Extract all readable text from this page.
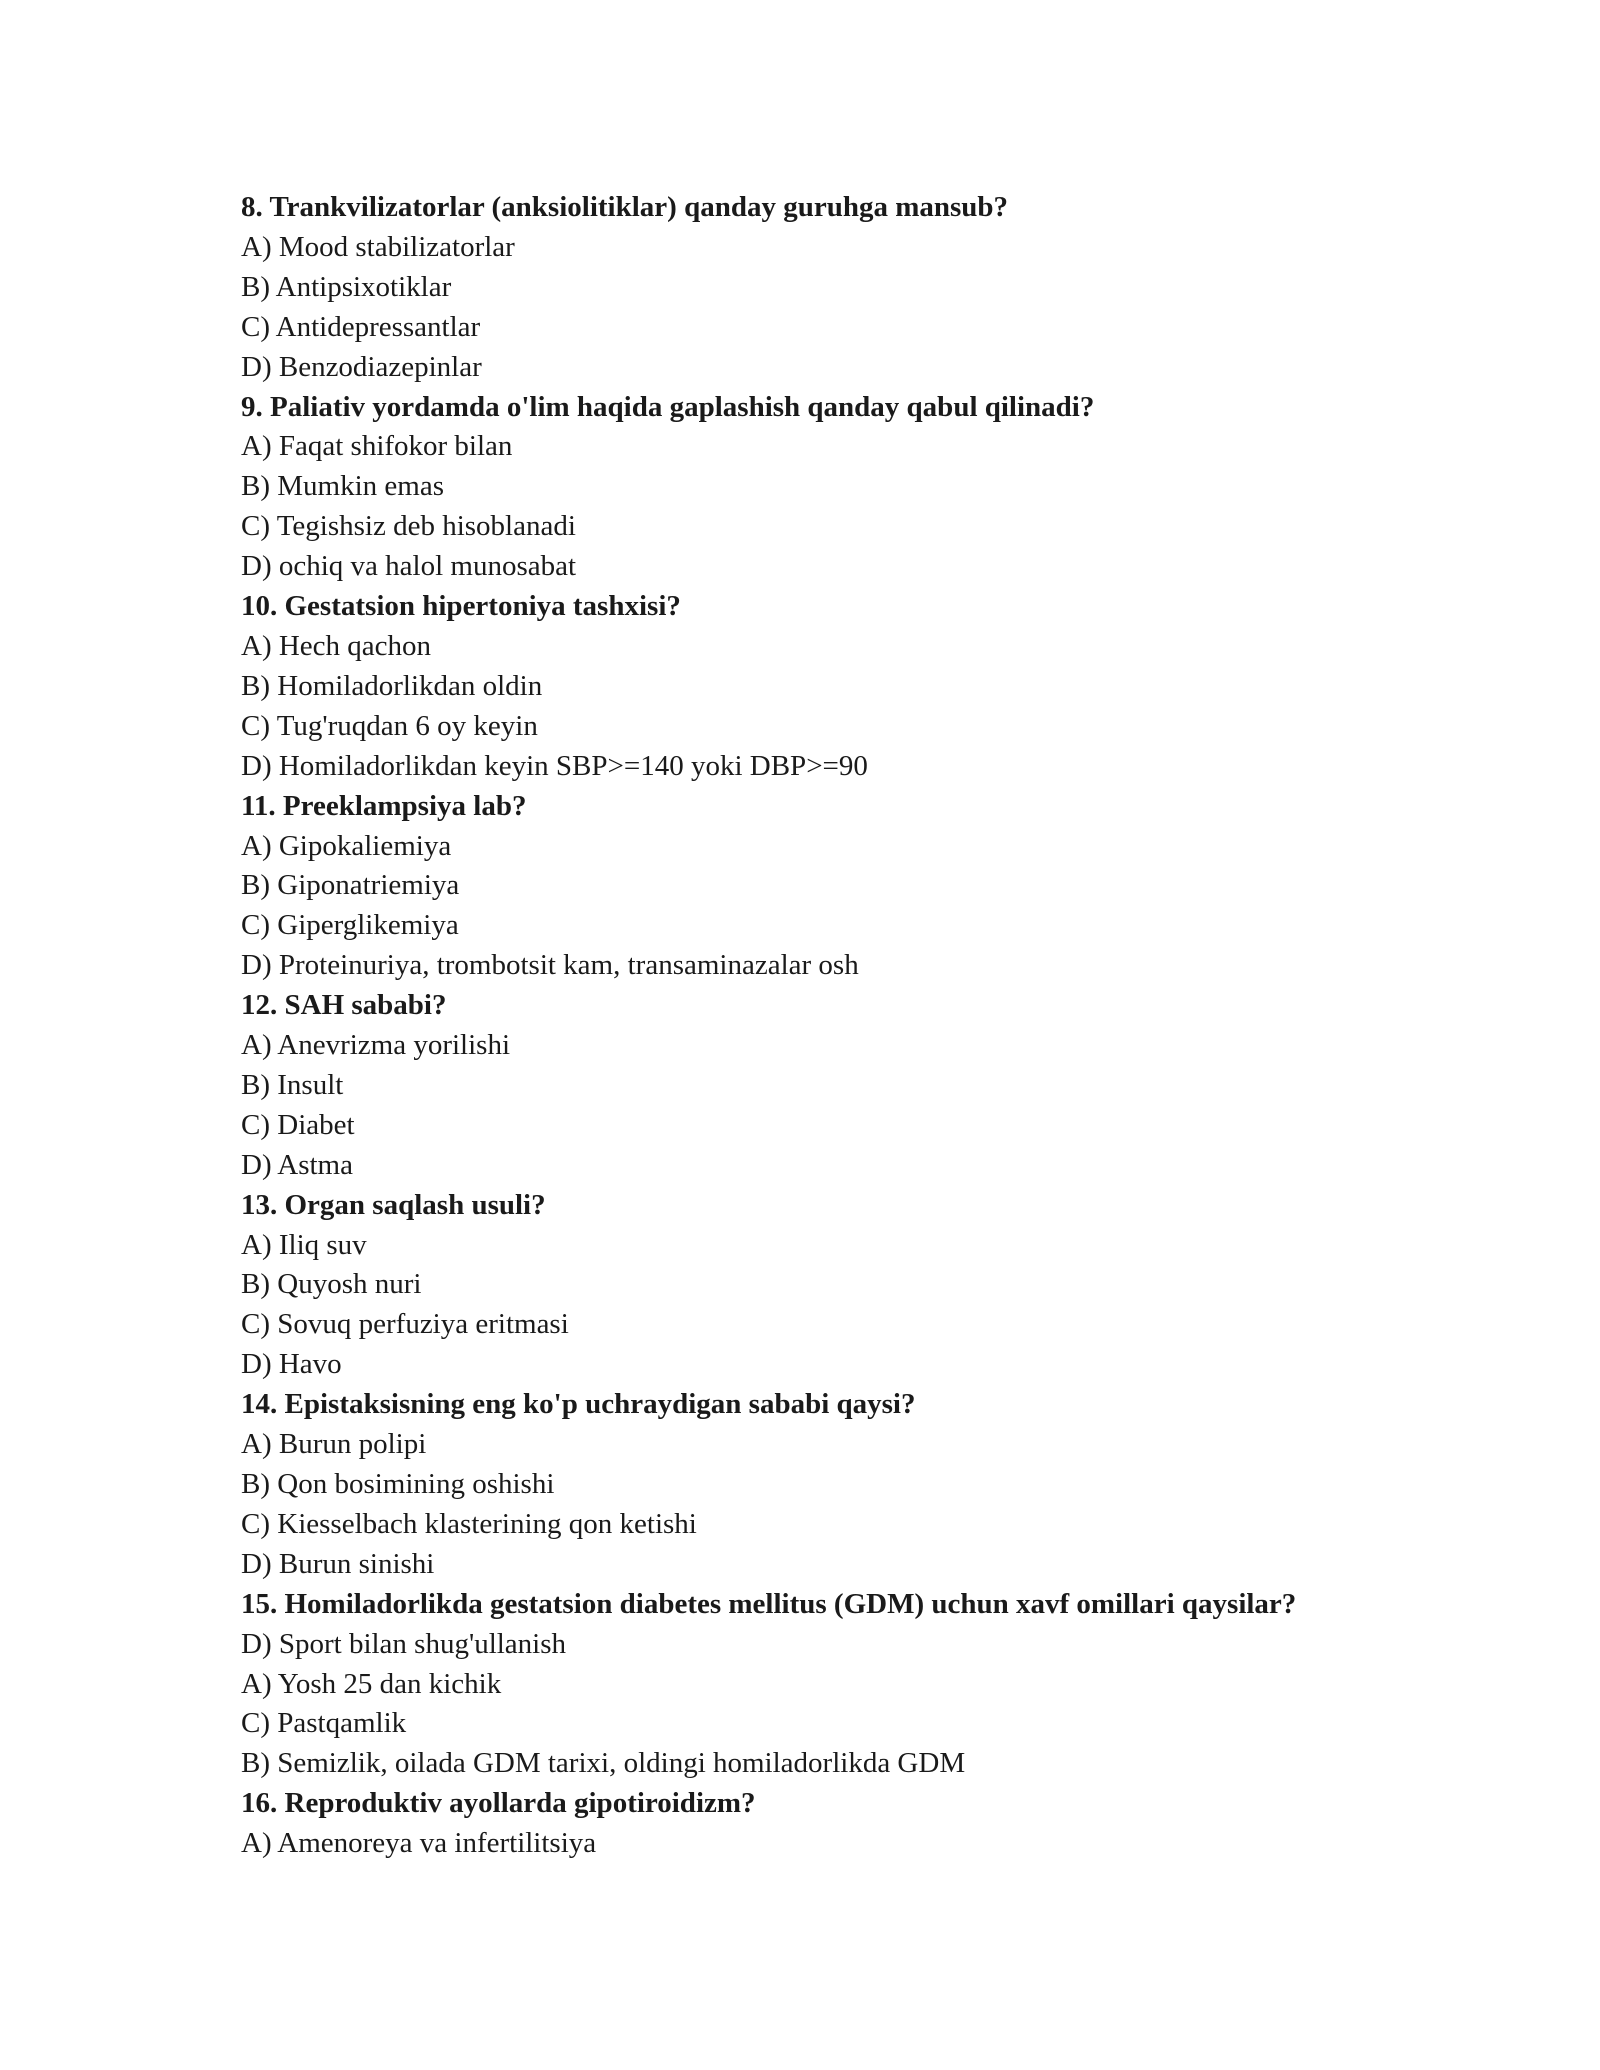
8. Trankvilizatorlar (anksiolitiklar) qanday guruhga mansub?
A) Mood stabilizatorlar
B) Antipsixotiklar
C) Antidepressantlar
D) Benzodiazepinlar
9. Paliativ yordamda o'lim haqida gaplashish qanday qabul qilinadi?
A) Faqat shifokor bilan
B) Mumkin emas
C) Tegishsiz deb hisoblanadi
D) ochiq va halol munosabat
10. Gestatsion hipertoniya tashxisi?
A) Hech qachon
B) Homiladorlikdan oldin
C) Tug'ruqdan 6 oy keyin
D) Homiladorlikdan keyin SBP>=140 yoki DBP>=90
11. Preeklampsiya lab?
A) Gipokaliemiya
B) Giponatriemiya
C) Giperglikemiya
D) Proteinuriya, trombotsit kam, transaminazalar osh
12. SAH sababi?
A) Anevrizma yorilishi
B) Insult
C) Diabet
D) Astma
13. Organ saqlash usuli?
A) Iliq suv
B) Quyosh nuri
C) Sovuq perfuziya eritmasi
D) Havo
14. Epistaksisning eng ko'p uchraydigan sababi qaysi?
A) Burun polipi
B) Qon bosimining oshishi
C) Kiesselbach klasterining qon ketishi
D) Burun sinishi
15. Homiladorlikda gestatsion diabetes mellitus (GDM) uchun xavf omillari qaysilar?
D) Sport bilan shug'ullanish
A) Yosh 25 dan kichik
C) Pastqamlik
B) Semizlik, oilada GDM tarixi, oldingi homiladorlikda GDM
16. Reproduktiv ayollarda gipotiroidizm?
A) Amenoreya va infertilitsiya
